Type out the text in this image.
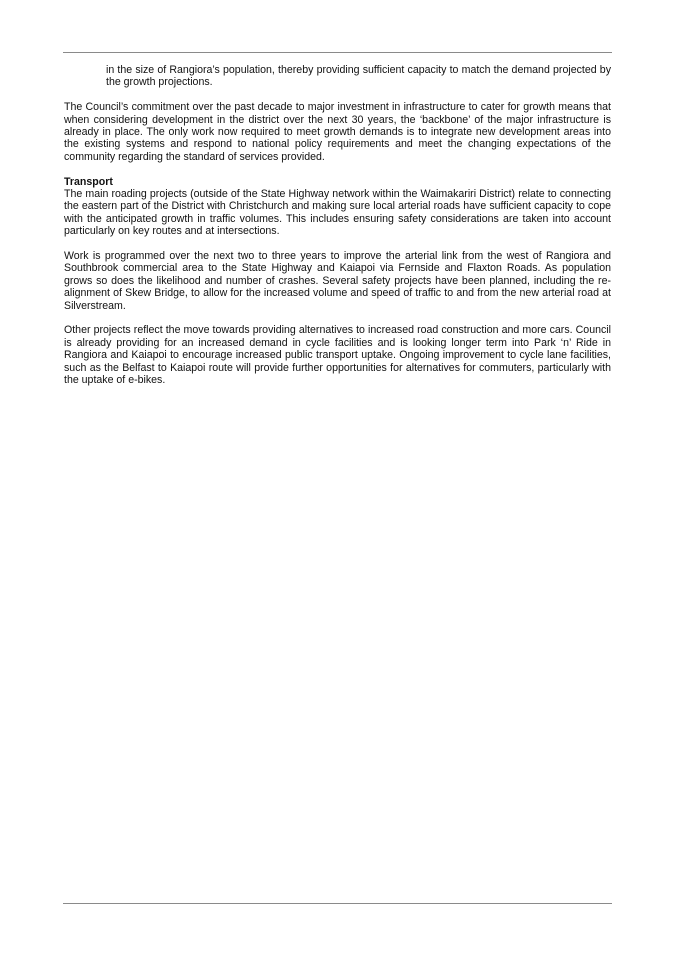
in the size of Rangiora’s population, thereby providing sufficient capacity to match the demand projected by the growth projections.

The Council’s commitment over the past decade to major investment in infrastructure to cater for growth means that when considering development in the district over the next 30 years, the ‘backbone’ of the major infrastructure is already in place. The only work now required to meet growth demands is to integrate new development areas into the existing systems and respond to national policy requirements and meet the changing expectations of the community regarding the standard of services provided.

Transport

The main roading projects (outside of the State Highway network within the Waimakariri District) relate to connecting the eastern part of the District with Christchurch and making sure local arterial roads have sufficient capacity to cope with the anticipated growth in traffic volumes. This includes ensuring safety considerations are taken into account particularly on key routes and at intersections.

Work is programmed over the next two to three years to improve the arterial link from the west of Rangiora and Southbrook commercial area to the State Highway and Kaiapoi via Fernside and Flaxton Roads. As population grows so does the likelihood and number of crashes. Several safety projects have been planned, including the re-alignment of Skew Bridge, to allow for the increased volume and speed of traffic to and from the new arterial road at Silverstream.

Other projects reflect the move towards providing alternatives to increased road construction and more cars. Council is already providing for an increased demand in cycle facilities and is looking longer term into Park ‘n’ Ride in Rangiora and Kaiapoi to encourage increased public transport uptake. Ongoing improvement to cycle lane facilities, such as the Belfast to Kaiapoi route will provide further opportunities for alternatives for commuters, particularly with the uptake of e-bikes.
